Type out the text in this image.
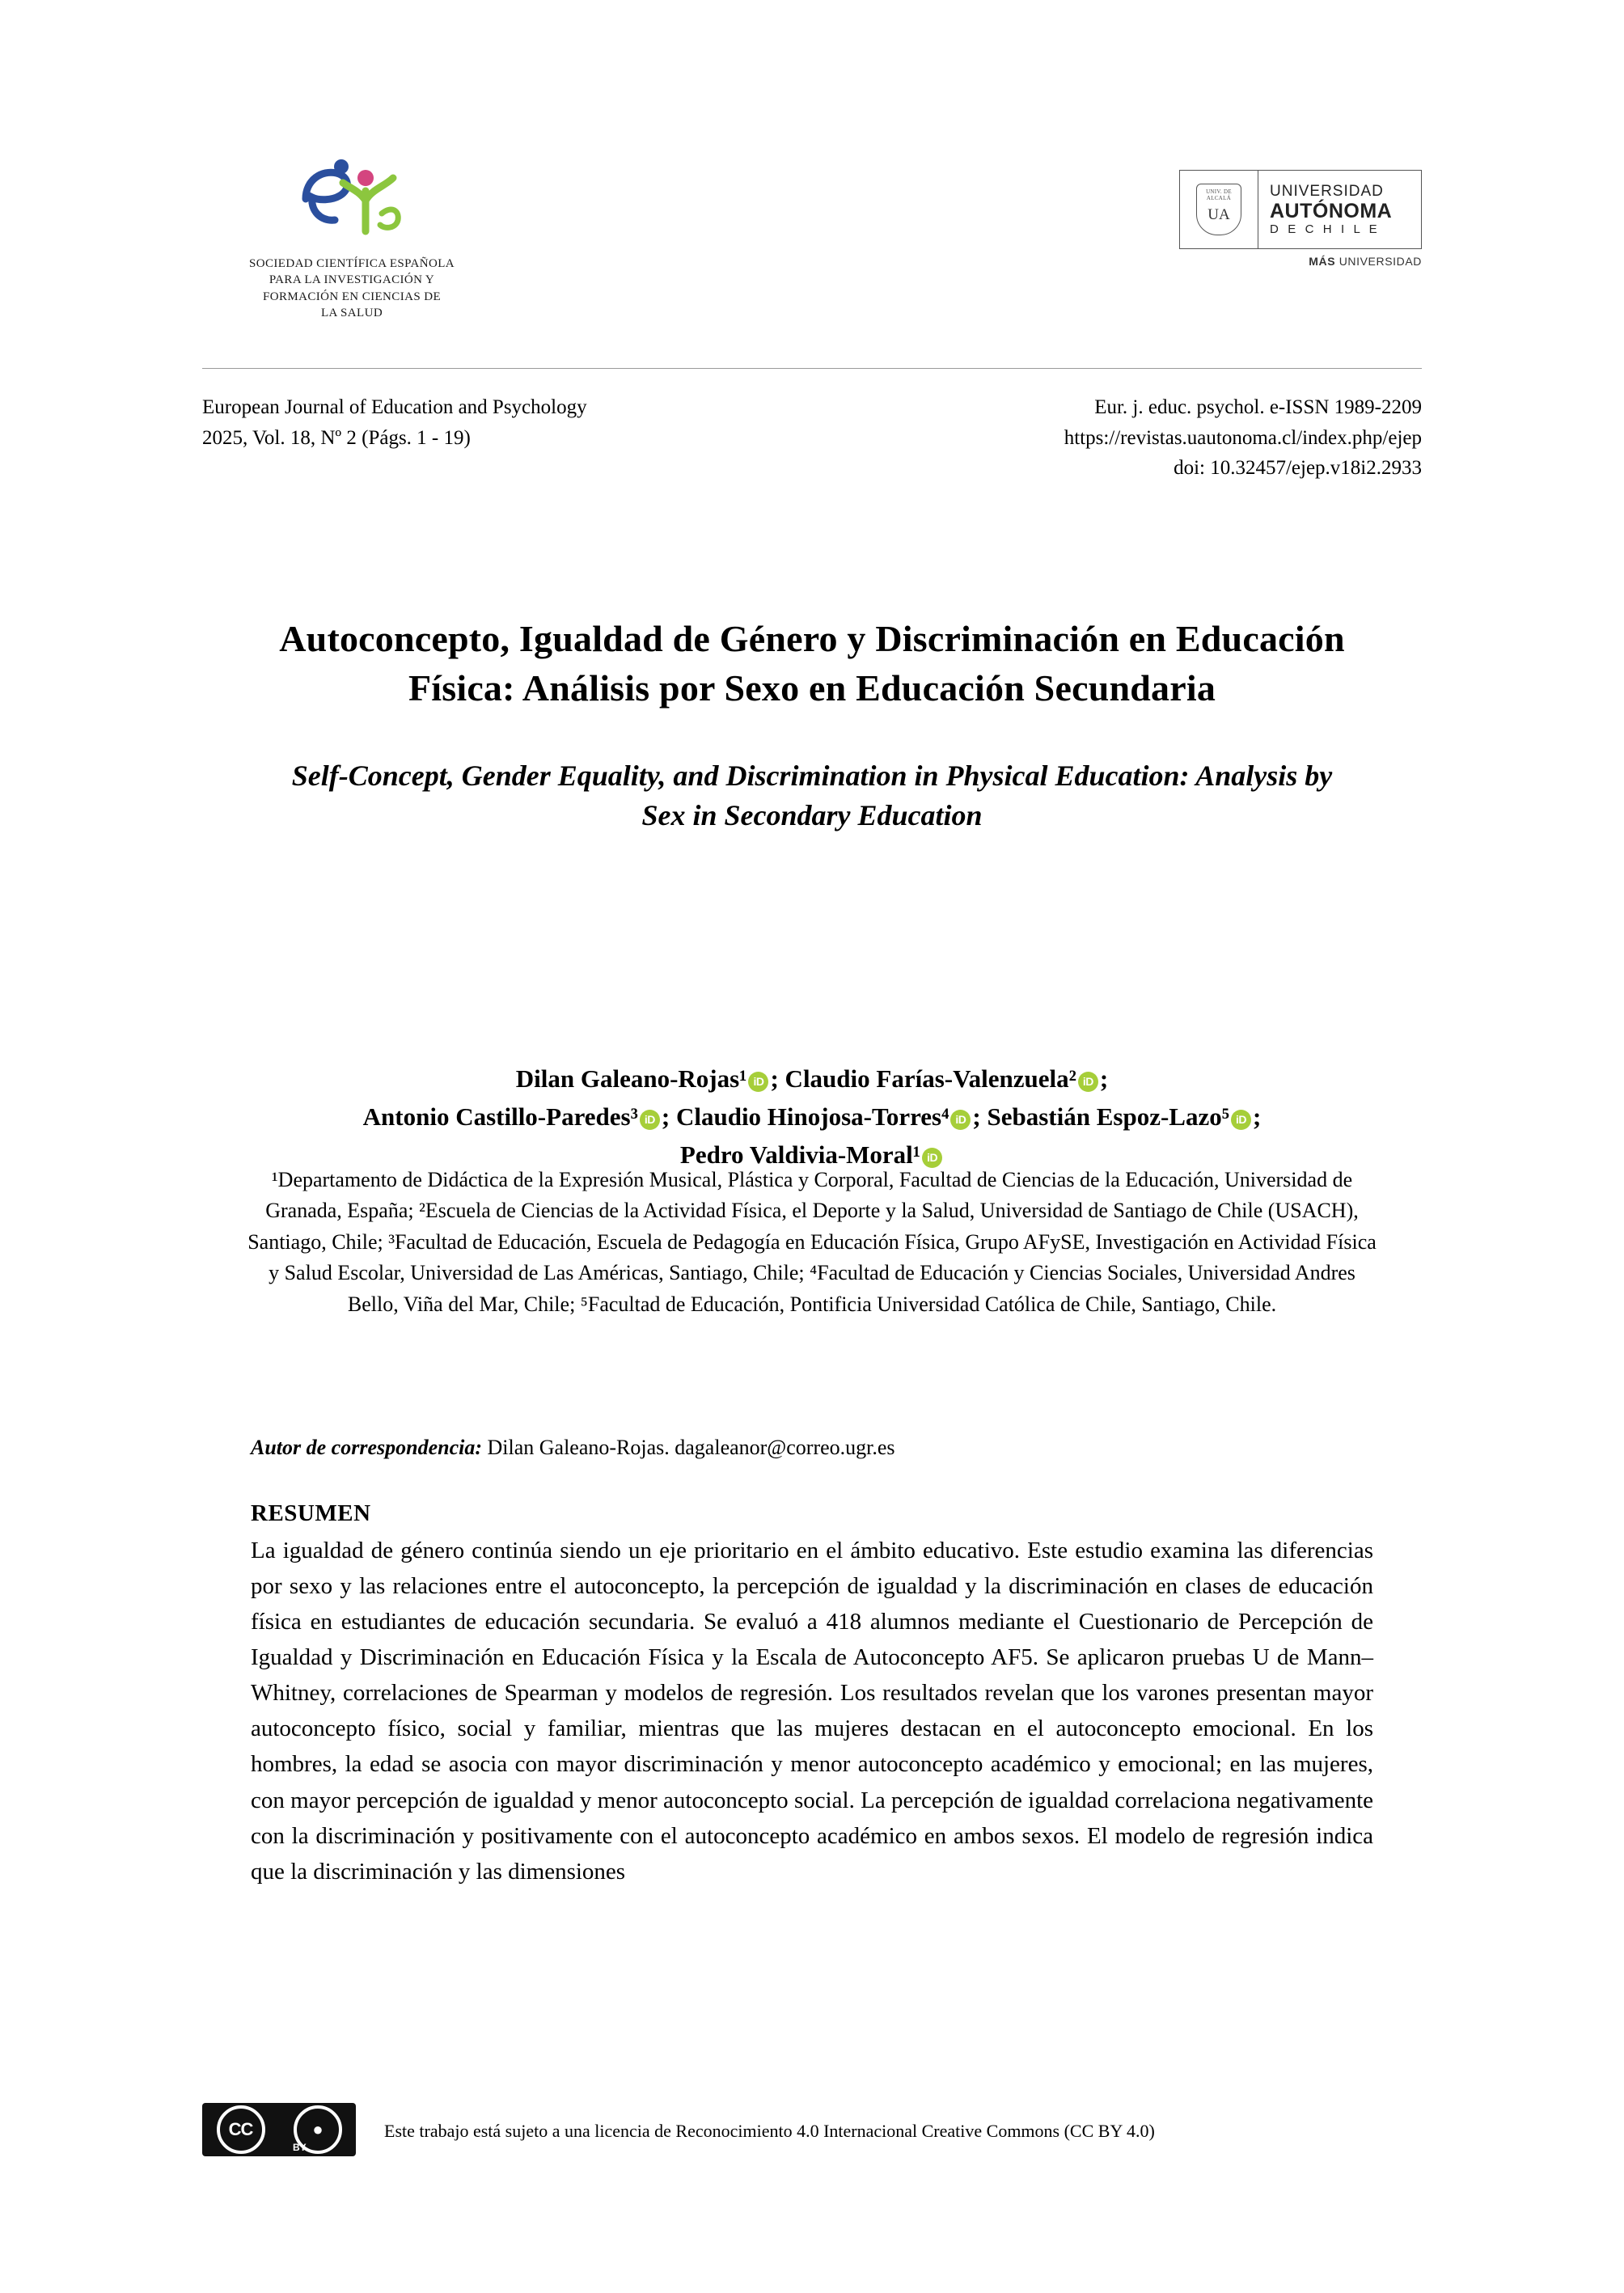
SOCIEDAD CIENTÍFICA ESPAÑOLA
PARA LA INVESTIGACIÓN Y
FORMACIÓN EN CIENCIAS DE
LA SALUD
UNIV. DE ALCALÁ
UA
UNIVERSIDAD
AUTÓNOMA
D E C H I L E
MÁS UNIVERSIDAD
European Journal of Education and Psychology
2025, Vol. 18, Nº 2 (Págs. 1 - 19)
Eur. j. educ. psychol. e-ISSN 1989-2209
https://revistas.uautonoma.cl/index.php/ejep
doi: 10.32457/ejep.v18i2.2933
Autoconcepto, Igualdad de Género y Discriminación en Educación Física: Análisis por Sexo en Educación Secundaria
Self-Concept, Gender Equality, and Discrimination in Physical Education: Analysis by Sex in Secondary Education
Dilan Galeano-Rojas¹ iD ; Claudio Farías-Valenzuela² iD ;
Antonio Castillo-Paredes³ iD ; Claudio Hinojosa-Torres⁴ iD ; Sebastián Espoz-Lazo⁵ iD ;
Pedro Valdivia-Moral¹ iD
¹Departamento de Didáctica de la Expresión Musical, Plástica y Corporal, Facultad de Ciencias de la Educación, Universidad de Granada, España; ²Escuela de Ciencias de la Actividad Física, el Deporte y la Salud, Universidad de Santiago de Chile (USACH), Santiago, Chile; ³Facultad de Educación, Escuela de Pedagogía en Educación Física, Grupo AFySE, Investigación en Actividad Física y Salud Escolar, Universidad de Las Américas, Santiago, Chile; ⁴Facultad de Educación y Ciencias Sociales, Universidad Andres Bello, Viña del Mar, Chile; ⁵Facultad de Educación, Pontificia Universidad Católica de Chile, Santiago, Chile.
Autor de correspondencia: Dilan Galeano-Rojas. dagaleanor@correo.ugr.es
RESUMEN
La igualdad de género continúa siendo un eje prioritario en el ámbito educativo. Este estudio examina las diferencias por sexo y las relaciones entre el autoconcepto, la percepción de igualdad y la discriminación en clases de educación física en estudiantes de educación secundaria. Se evaluó a 418 alumnos mediante el Cuestionario de Percepción de Igualdad y Discriminación en Educación Física y la Escala de Autoconcepto AF5. Se aplicaron pruebas U de Mann–Whitney, correlaciones de Spearman y modelos de regresión. Los resultados revelan que los varones presentan mayor autoconcepto físico, social y familiar, mientras que las mujeres destacan en el autoconcepto emocional. En los hombres, la edad se asocia con mayor discriminación y menor autoconcepto académico y emocional; en las mujeres, con mayor percepción de igualdad y menor autoconcepto social. La percepción de igualdad correlaciona negativamente con la discriminación y positivamente con el autoconcepto académico en ambos sexos. El modelo de regresión indica que la discriminación y las dimensiones
CC	●
BY
Este trabajo está sujeto a una licencia de Reconocimiento 4.0 Internacional Creative Commons (CC BY 4.0)
